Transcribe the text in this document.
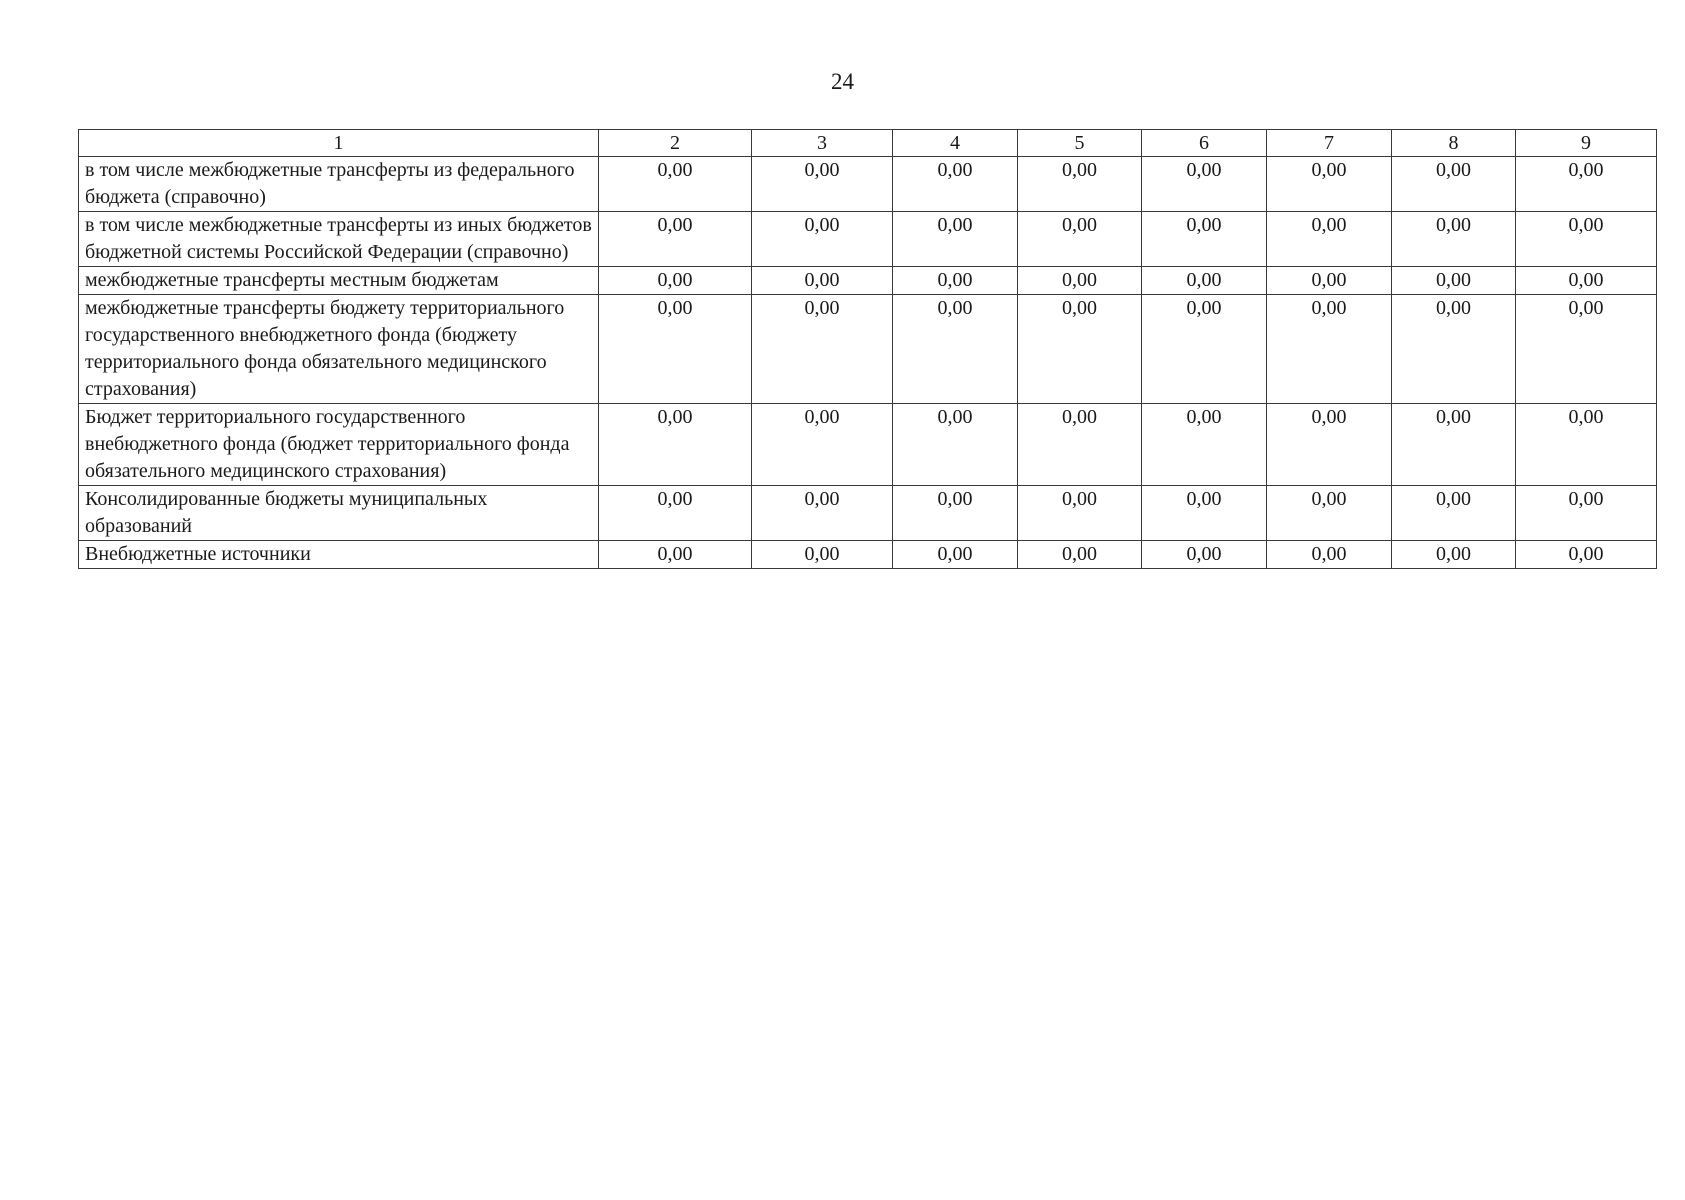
24
1	2	3	4	5	6	7	8	9
в том числе межбюджетные трансферты из федерального бюджета (справочно)	0,00	0,00	0,00	0,00	0,00	0,00	0,00	0,00
в том числе межбюджетные трансферты из иных бюджетов бюджетной системы Российской Федерации (справочно)	0,00	0,00	0,00	0,00	0,00	0,00	0,00	0,00
межбюджетные трансферты местным бюджетам	0,00	0,00	0,00	0,00	0,00	0,00	0,00	0,00
межбюджетные трансферты бюджету территориального государственного внебюджетного фонда (бюджету территориального фонда обязательного медицинского страхования)	0,00	0,00	0,00	0,00	0,00	0,00	0,00	0,00
Бюджет территориального государственного внебюджетного фонда (бюджет территориального фонда обязательного медицинского страхования)	0,00	0,00	0,00	0,00	0,00	0,00	0,00	0,00
Консолидированные бюджеты муниципальных образований	0,00	0,00	0,00	0,00	0,00	0,00	0,00	0,00
Внебюджетные источники	0,00	0,00	0,00	0,00	0,00	0,00	0,00	0,00
